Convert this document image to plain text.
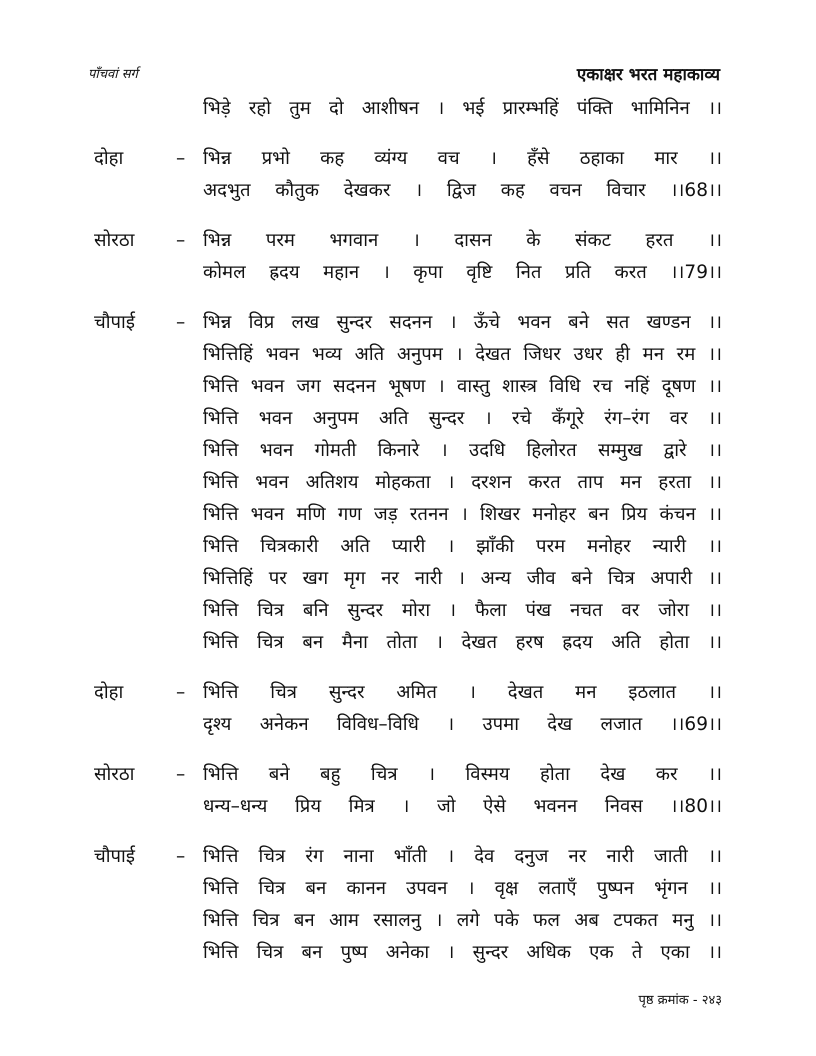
पाँचवां सर्ग	एकाक्षर भरत महाकाव्य
भिड़े रहो तुम दो आशीषन । भई प्रारम्भहिं पंक्ति भामिनिन ।।
दोहा	– भिन्न प्रभो कह व्यंग्य वच । हँसे ठहाका मार ।।
अदभुत कौतुक देखकर । द्विज कह वचन विचार ।।68।।
सोरठा – भिन्न परम भगवान । दासन के संकट हरत ।।
कोमल ह्रदय महान । कृपा वृष्टि नित प्रति करत ।।79।।
चौपाई – भिन्न विप्र लख सुन्दर सदनन । ऊँचे भवन बने सत खण्डन ।।
भित्तिहिं भवन भव्य अति अनुपम । देखत जिधर उधर ही मन रम ।।
भित्ति भवन जग सदनन भूषण । वास्तु शास्त्र विधि रच नहिं दूषण ।।
भित्ति भवन अनुपम अति सुन्दर । रचे कँगूरे रंग–रंग वर ।।
भित्ति भवन गोमती किनारे । उदधि हिलोरत सम्मुख द्वारे ।।
भित्ति भवन अतिशय मोहकता । दरशन करत ताप मन हरता ।।
भित्ति भवन मणि गण जड़ रतनन । शिखर मनोहर बन प्रिय कंचन ।।
भित्ति चित्रकारी अति प्यारी । झाँकी परम मनोहर न्यारी ।।
भित्तिहिं पर खग मृग नर नारी । अन्य जीव बने चित्र अपारी ।।
भित्ति चित्र बनि सुन्दर मोरा । फैला पंख नचत वर जोरा ।।
भित्ति चित्र बन मैना तोता । देखत हरष ह्रदय अति होता ।।
दोहा	– भित्ति चित्र सुन्दर अमित । देखत मन इठलात ।।
दृश्य अनेकन विविध–विधि । उपमा देख लजात ।।69।।
सोरठा – भित्ति बने बहु चित्र । विस्मय होता देख कर ।।
धन्य–धन्य प्रिय मित्र । जो ऐसे भवनन निवस ।।80।।
चौपाई – भित्ति चित्र रंग नाना भाँती । देव दनुज नर नारी जाती ।।
भित्ति चित्र बन कानन उपवन । वृक्ष लताएँ पुष्पन भृंगन ।।
भित्ति चित्र बन आम रसालनु । लगे पके फल अब टपकत मनु ।।
भित्ति चित्र बन पुष्प अनेका । सुन्दर अधिक एक ते एका ।।
पृष्ठ क्रमांक - २४३
